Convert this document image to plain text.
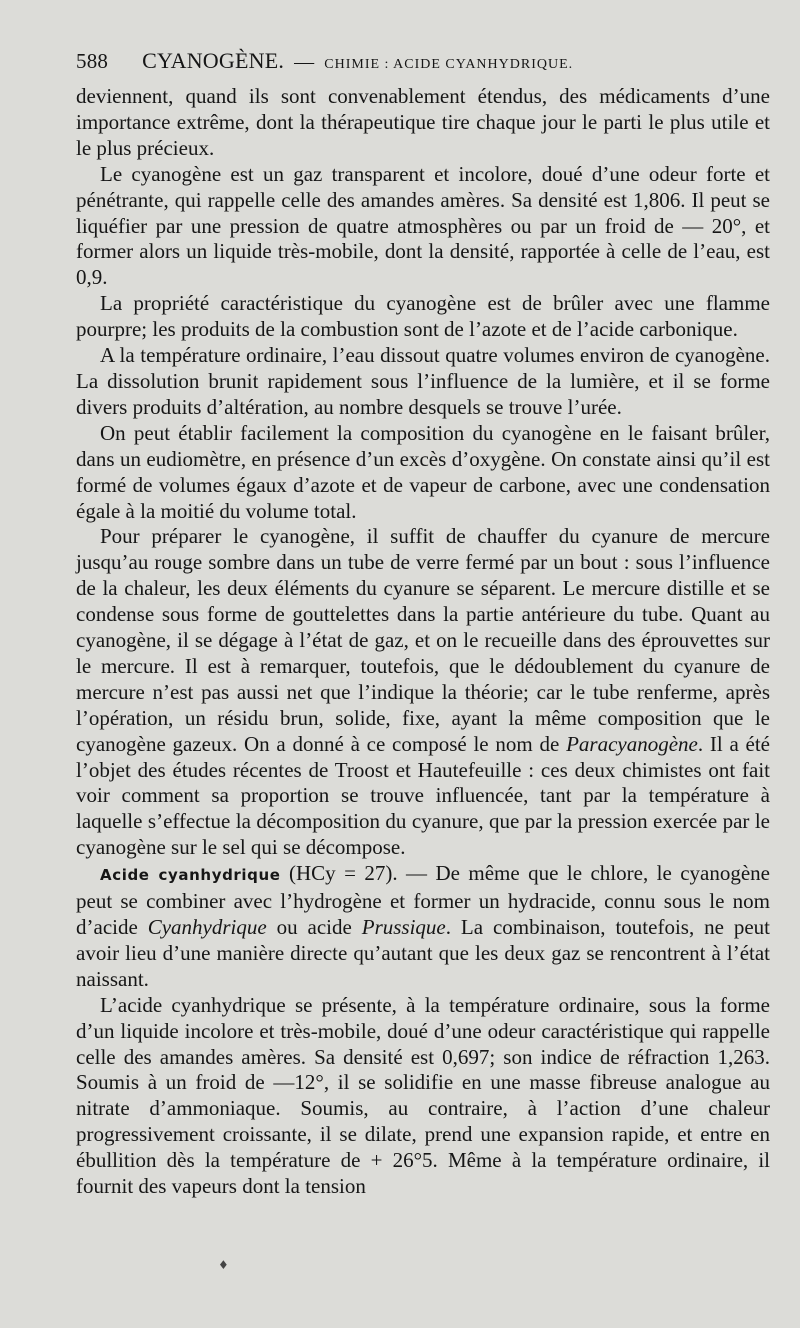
588 CYANOGÈNE. — CHIMIE : ACIDE CYANHYDRIQUE.

deviennent, quand ils sont convenablement étendus, des médicaments d’une importance extrême, dont la thérapeutique tire chaque jour le parti le plus utile et le plus précieux.

Le cyanogène est un gaz transparent et incolore, doué d’une odeur forte et pénétrante, qui rappelle celle des amandes amères. Sa densité est 1,806. Il peut se liquéfier par une pression de quatre atmosphères ou par un froid de — 20°, et former alors un liquide très-mobile, dont la densité, rapportée à celle de l’eau, est 0,9.

La propriété caractéristique du cyanogène est de brûler avec une flamme pourpre; les produits de la combustion sont de l’azote et de l’acide carbonique.

A la température ordinaire, l’eau dissout quatre volumes environ de cyanogène. La dissolution brunit rapidement sous l’influence de la lumière, et il se forme divers produits d’altération, au nombre desquels se trouve l’urée.

On peut établir facilement la composition du cyanogène en le faisant brûler, dans un eudiomètre, en présence d’un excès d’oxygène. On constate ainsi qu’il est formé de volumes égaux d’azote et de vapeur de carbone, avec une condensation égale à la moitié du volume total.

Pour préparer le cyanogène, il suffit de chauffer du cyanure de mercure jusqu’au rouge sombre dans un tube de verre fermé par un bout : sous l’influence de la chaleur, les deux éléments du cyanure se séparent. Le mercure distille et se condense sous forme de gouttelettes dans la partie antérieure du tube. Quant au cyanogène, il se dégage à l’état de gaz, et on le recueille dans des éprouvettes sur le mercure. Il est à remarquer, toutefois, que le dédoublement du cyanure de mercure n’est pas aussi net que l’indique la théorie; car le tube renferme, après l’opération, un résidu brun, solide, fixe, ayant la même composition que le cyanogène gazeux. On a donné à ce composé le nom de Paracyanogène. Il a été l’objet des études récentes de Troost et Hautefeuille : ces deux chimistes ont fait voir comment sa proportion se trouve influencée, tant par la température à laquelle s’effectue la décomposition du cyanure, que par la pression exercée par le cyanogène sur le sel qui se décompose.

Acide cyanhydrique (HCy = 27). — De même que le chlore, le cyanogène peut se combiner avec l’hydrogène et former un hydracide, connu sous le nom d’acide Cyanhydrique ou acide Prussique. La combinaison, toutefois, ne peut avoir lieu d’une manière directe qu’autant que les deux gaz se rencontrent à l’état naissant.

L’acide cyanhydrique se présente, à la température ordinaire, sous la forme d’un liquide incolore et très-mobile, doué d’une odeur caractéristique qui rappelle celle des amandes amères. Sa densité est 0,697; son indice de réfraction 1,263. Soumis à un froid de —12°, il se solidifie en une masse fibreuse analogue au nitrate d’ammoniaque. Soumis, au contraire, à l’action d’une chaleur progressivement croissante, il se dilate, prend une expansion rapide, et entre en ébullition dès la température de + 26°5. Même à la température ordinaire, il fournit des vapeurs dont la tension

♦
